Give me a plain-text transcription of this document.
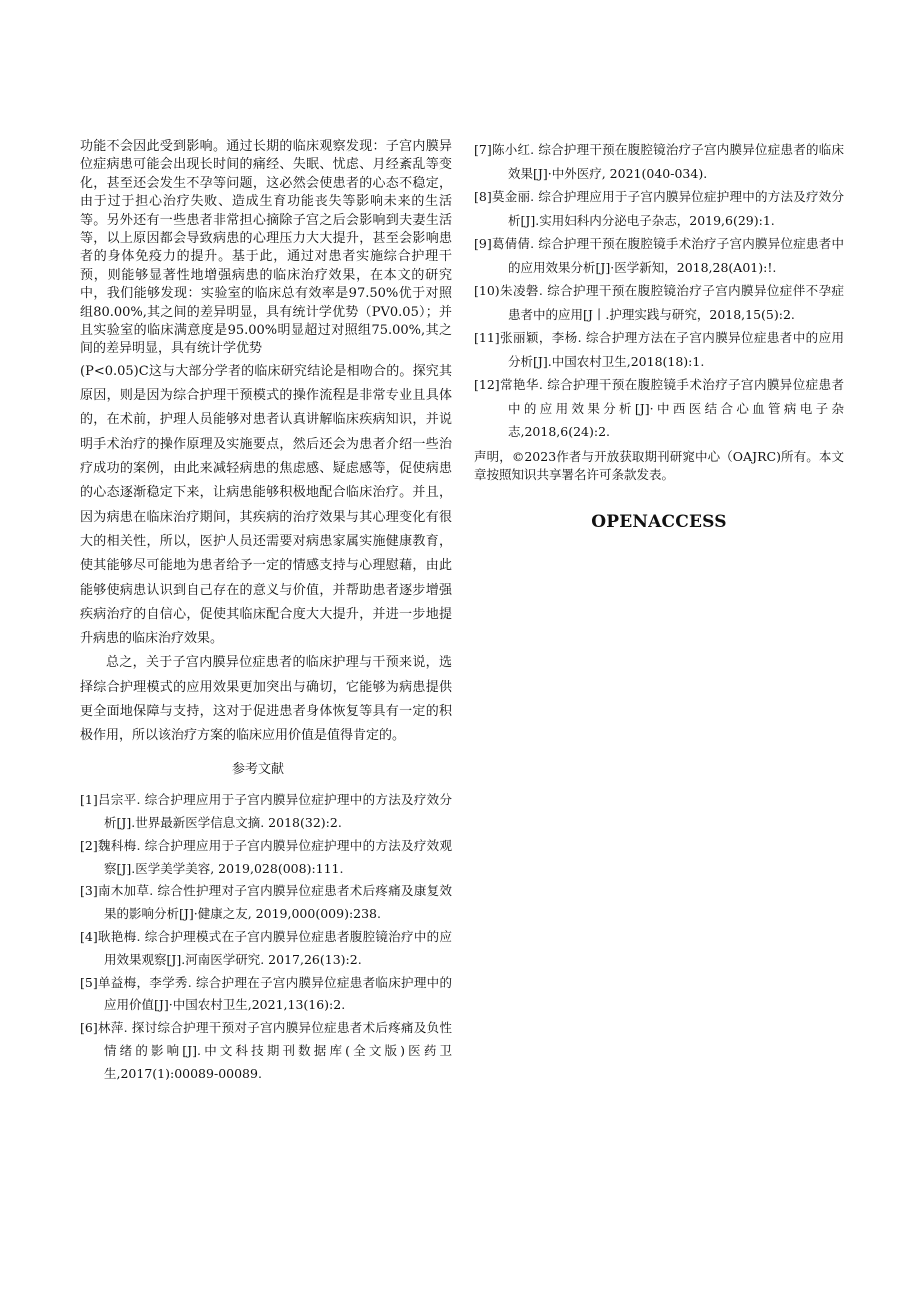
功能不会因此受到影响。通过长期的临床观察发现：子宫内膜异位症病患可能会出现长时间的痛经、失眠、忧虑、月经紊乱等变化，甚至还会发生不孕等问题，这必然会使患者的心态不稳定，由于过于担心治疗失败、造成生育功能丧失等影响未来的生活等。另外还有一些患者非常担心摘除子宫之后会影响到夫妻生活等，以上原因都会导致病患的心理压力大大提升，甚至会影响患者的身体免疫力的提升。基于此，通过对患者实施综合护理干预，则能够显著性地增强病患的临床治疗效果，在本文的研究中，我们能够发现：实验室的临床总有效率是97.50%优于对照组80.00%,其之间的差异明显，具有统计学优势（PV0.05）；并且实验室的临床满意度是95.00%明显超过对照组75.00%,其之间的差异明显，具有统计学优势

(P<0.05)C这与大部分学者的临床研究结论是相吻合的。探究其原因，则是因为综合护理干预模式的操作流程是非常专业且具体的，在术前，护理人员能够对患者认真讲解临床疾病知识，并说明手术治疗的操作原理及实施要点，然后还会为患者介绍一些治疗成功的案例，由此来减轻病患的焦虑感、疑虑感等，促使病患的心态逐渐稳定下来，让病患能够积极地配合临床治疗。并且，因为病患在临床治疗期间，其疾病的治疗效果与其心理变化有很大的相关性，所以，医护人员还需要对病患家属实施健康教育，使其能够尽可能地为患者给予一定的情感支持与心理慰藉，由此能够使病患认识到自己存在的意义与价值，并帮助患者逐步增强疾病治疗的自信心，促使其临床配合度大大提升，并进一步地提升病患的临床治疗效果。

总之，关于子宫内膜异位症患者的临床护理与干预来说，选择综合护理模式的应用效果更加突出与确切，它能够为病患提供更全面地保障与支持，这对于促进患者身体恢复等具有一定的积极作用，所以该治疗方案的临床应用价值是值得肯定的。

参考文献

[1]吕宗平. 综合护理应用于子宫内膜异位症护理中的方法及疗效分析[J].世界最新医学信息文摘. 2018(32):2.

[2]魏科梅. 综合护理应用于子宫内膜异位症护理中的方法及疗效观察[J].医学美学美容, 2019,028(008):111.

[3]南木加草. 综合性护理对子宫内膜异位症患者术后疼痛及康复效果的影响分析[J]·健康之友, 2019,000(009):238.

[4]耿艳梅. 综合护理模式在子宫内膜异位症患者腹腔镜治疗中的应用效果观察[J].河南医学研究. 2017,26(13):2.

[5]单益梅，李学秀. 综合护理在子宫内膜异位症患者临床护理中的应用价值[J]·中国农村卫生,2021,13(16):2.

[6]林萍. 探讨综合护理干预对子宫内膜异位症患者术后疼痛及负性情绪的影响[J].中文科技期刊数据库(全文版)医药卫生,2017(1):00089-00089.

[7]陈小红. 综合护理干预在腹腔镜治疗子宫内膜异位症患者的临床效果[J]·中外医疗, 2021(040-034).

[8]莫金丽. 综合护理应用于子宫内膜异位症护理中的方法及疗效分析[J].实用妇科内分泌电子杂志，2019,6(29):1.

[9]葛倩倩. 综合护理干预在腹腔镜手术治疗子宫内膜异位症患者中的应用效果分析[J]·医学新知，2018,28(A01):!.

[10)朱凌磐. 综合护理干预在腹腔镜治疗子宫内膜异位症伴不孕症患者中的应用[J丨.护理实践与研究，2018,15(5):2.

[11]张丽颖，李杨. 综合护理方法在子宫内膜异位症患者中的应用分析[J].中国农村卫生,2018(18):1.

[12]常艳华. 综合护理干预在腹腔镜手术治疗子宫内膜异位症患者中的应用效果分析[J]·中西医结合心血管病电子杂志,2018,6(24):2.

声明，©2023作者与开放获取期刊研窕中心（OAJRC)所有。本文章按照知识共享署名许可条款发表。

OPENACCESS
